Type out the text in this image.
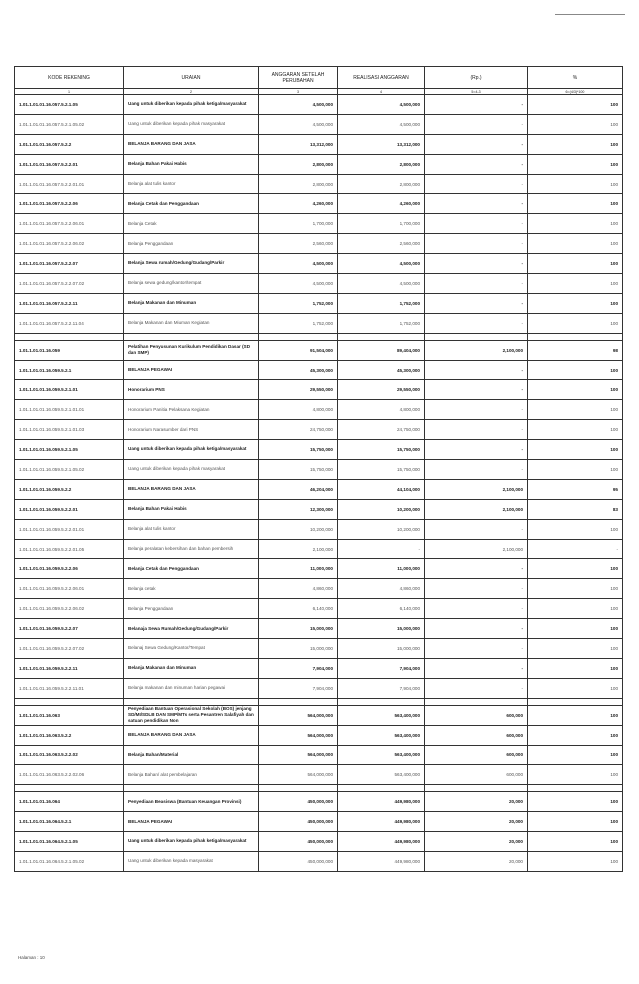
KODE REKENING	URAIAN	ANGGARAN SETELAH PERUBAHAN	REALISASI ANGGARAN	(Rp.)	%
1	2	3	4	5=4-3	6=(4/3)*100
1.01.1.01.01.16.057.5.2.1.05	Uang untuk diberikan kepada pihak ketiga/masyarakat	4,500,000	4,500,000	-	100
1.01.1.01.01.16.057.5.2.1.05.02	Uang untuk diberikan kepada pihak masyarakat	4,500,000	4,500,000	-	100
1.01.1.01.01.16.057.5.2.2	BELANJA BARANG DAN JASA	13,312,000	13,312,000	-	100
1.01.1.01.01.16.057.5.2.2.01	Belanja Bahan Pakai Habis	2,800,000	2,800,000	-	100
1.01.1.01.01.16.057.5.2.2.01.01	Belanja alat tulis kantor	2,800,000	2,800,000	-	100
1.01.1.01.01.16.057.5.2.2.06	Belanja Cetak dan Penggandaan	4,260,000	4,260,000	-	100
1.01.1.01.01.16.057.5.2.2.06.01	Belanja Cetak	1,700,000	1,700,000	-	100
1.01.1.01.01.16.057.5.2.2.06.02	Belanja Penggandaan	2,560,000	2,560,000	-	100
1.01.1.01.01.16.057.5.2.2.07	Belanja Sewa rumah/Gedung/Gudang/Parkir	4,500,000	4,500,000	-	100
1.01.1.01.01.16.057.5.2.2.07.02	Belanja sewa gedung/kantor/tempat	4,500,000	4,500,000	-	100
1.01.1.01.01.16.057.5.2.2.11	Belanja Makanan dan Minuman	1,752,000	1,752,000	-	100
1.01.1.01.01.16.057.5.2.2.11.04	Belanja Makanan dan Miuman Kegiatan	1,752,000	1,752,000	-	100

1.01.1.01.01.16.059	Pelatihan Penyusunan Kurikulum Pendidikan Dasar (SD dan SMP)	91,504,000	89,404,000	2,100,000	98
1.01.1.01.01.16.059.5.2.1	BELANJA PEGAWAI	45,300,000	45,300,000	-	100
1.01.1.01.01.16.059.5.2.1.01	Honorarium PNS	29,550,000	29,550,000	-	100
1.01.1.01.01.16.059.5.2.1.01.01	Honorarium Panitia Pelaksana Kegiatan	4,800,000	4,800,000	-	100
1.01.1.01.01.16.059.5.2.1.01.03	Honorarium Narasumber dari PNS	24,750,000	24,750,000	-	100
1.01.1.01.01.16.059.5.2.1.05	Uang untuk diberikan kepada pihak ketiga/masyarakat	15,750,000	15,750,000	-	100
1.01.1.01.01.16.059.5.2.1.05.02	Uang untuk diberikan kepada pihak masyarakat	15,750,000	15,750,000	-	100
1.01.1.01.01.16.059.5.2.2	BELANJA BARANG DAN JASA	46,204,000	44,104,000	2,100,000	95
1.01.1.01.01.16.059.5.2.2.01	Belanja Bahan Pakai Habis	12,300,000	10,200,000	2,100,000	83
1.01.1.01.01.16.059.5.2.2.01.01	Belanja alat tulis kantor	10,200,000	10,200,000	-	100
1.01.1.01.01.16.059.5.2.2.01.05	Belanja peralatan kebersihan dan bahan pembersih	2,100,000	-	2,100,000	-
1.01.1.01.01.16.059.5.2.2.06	Belanja Cetak dan Penggandaan	11,000,000	11,000,000	-	100
1.01.1.01.01.16.059.5.2.2.06.01	Belanja cetak	4,860,000	4,860,000	-	100
1.01.1.01.01.16.059.5.2.2.06.02	Belanja Penggandaan	6,140,000	6,140,000	-	100
1.01.1.01.01.16.059.5.2.2.07	Belanaja Sewa Rumah/Gedung/Gudang/Parkir	15,000,000	15,000,000	-	100
1.01.1.01.01.16.059.5.2.2.07.02	Belanaj Sewa Gedung/Kantor/Tempat	15,000,000	15,000,000	-	100
1.01.1.01.01.16.059.5.2.2.11	Belanja Makanan dan Minuman	7,904,000	7,904,000	-	100
1.01.1.01.01.16.059.5.2.2.11.01	Belanja makanan dan minuman harian pegawai	7,904,000	7,904,000	-	100

1.01.1.01.01.16.063	Penyediaan Bantuan Operasional Sekolah (BOS) jenjang SD/MI/SDLB DAN SMP/MTs serta Pesantren Salafiyah dan satuan pendidikan Non	564,000,000	563,400,000	600,000	100
1.01.1.01.01.16.063.5.2.2	BELANJA BARANG DAN JASA	564,000,000	563,400,000	600,000	100
1.01.1.01.01.16.063.5.2.2.02	Belanja Bahan/Material	564,000,000	563,400,000	600,000	100
1.01.1.01.01.16.063.5.2.2.02.06	Belanja Bahan/ alat pembelajaran	564,000,000	563,400,000	600,000	100

1.01.1.01.01.16.064	Penyediaan Beasiswa (Bantuan Keuangan Provinsi)	450,000,000	449,980,000	20,000	100
1.01.1.01.01.16.064.5.2.1	BELANJA PEGAWAI	450,000,000	449,980,000	20,000	100
1.01.1.01.01.16.064.5.2.1.05	Uang untuk diberikan kepada pihak ketiga/masyarakat	450,000,000	449,980,000	20,000	100
1.01.1.01.01.16.064.5.2.1.05.02	Uang untuk diberikan kepada masyarakat	450,000,000	449,980,000	20,000	100
Halaman : 10
